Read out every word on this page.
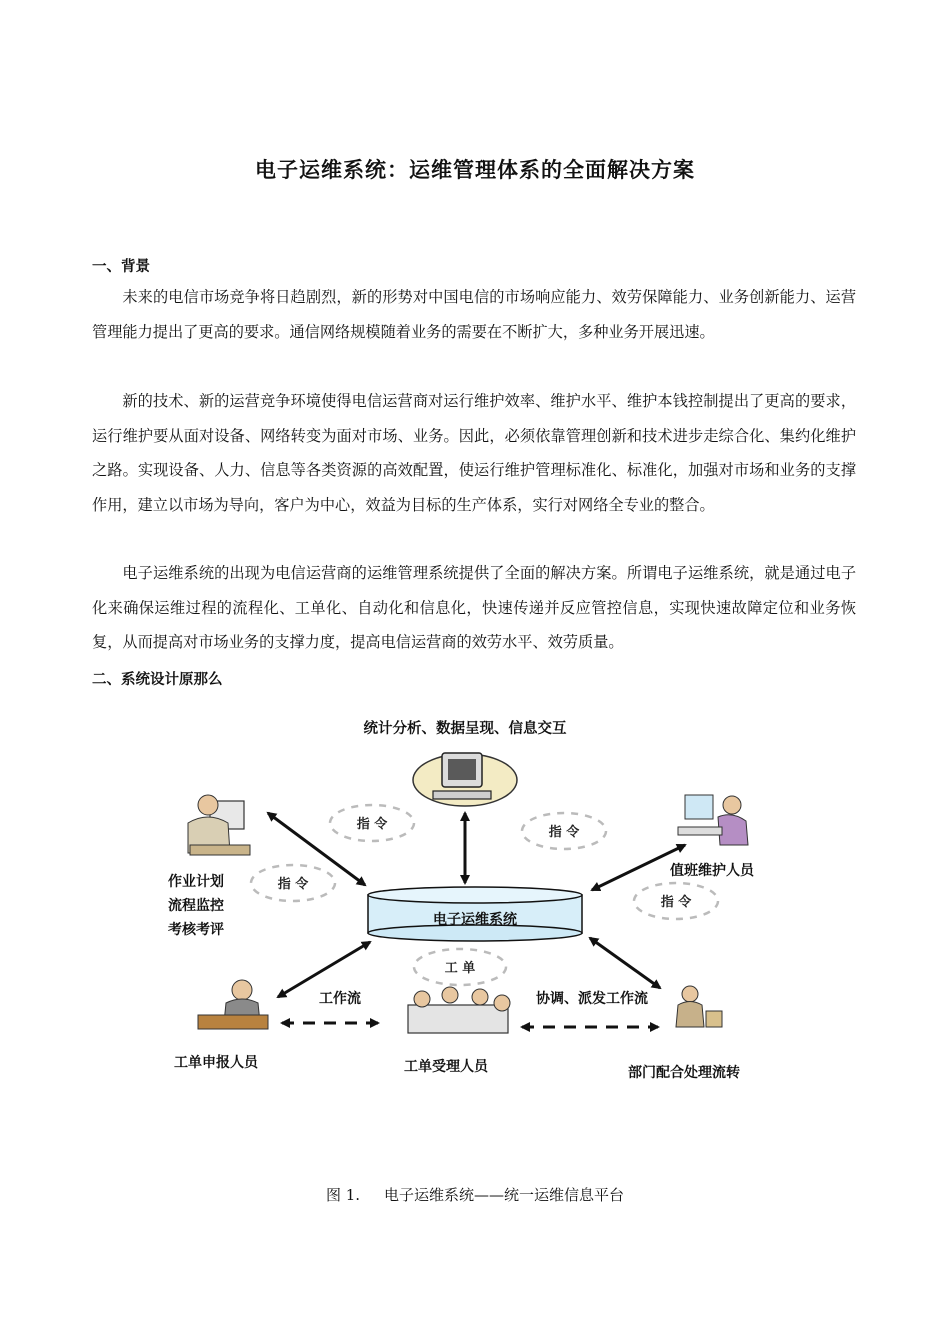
电子运维系统：运维管理体系的全面解决方案
一、背景

未来的电信市场竞争将日趋剧烈，新的形势对中国电信的市场响应能力、效劳保障能力、业务创新能力、运营管理能力提出了更高的要求。通信网络规模随着业务的需要在不断扩大，多种业务开展迅速。

新的技术、新的运营竞争环境使得电信运营商对运行维护效率、维护水平、维护本钱控制提出了更高的要求，运行维护要从面对设备、网络转变为面对市场、业务。因此，必须依靠管理创新和技术进步走综合化、集约化维护之路。实现设备、人力、信息等各类资源的高效配置，使运行维护管理标准化、标准化，加强对市场和业务的支撑作用，建立以市场为导向，客户为中心，效益为目标的生产体系，实行对网络全专业的整合。

电子运维系统的出现为电信运营商的运维管理系统提供了全面的解决方案。所谓电子运维系统，就是通过电子化来确保运维过程的流程化、工单化、自动化和信息化，快速传递并反应管控信息，实现快速故障定位和业务恢复，从而提高对市场业务的支撑力度，提高电信运营商的效劳水平、效劳质量。

二、系统设计原那么
统计分析、数据呈现、信息交互
电子运维系统
指 令
指 令
指 令
指 令
工 单
作业计划
流程监控
考核考评
值班维护人员
工单申报人员
工作流
工单受理人员
协调、派发工作流
部门配合处理流转
图 1. 电子运维系统——统一运维信息平台
